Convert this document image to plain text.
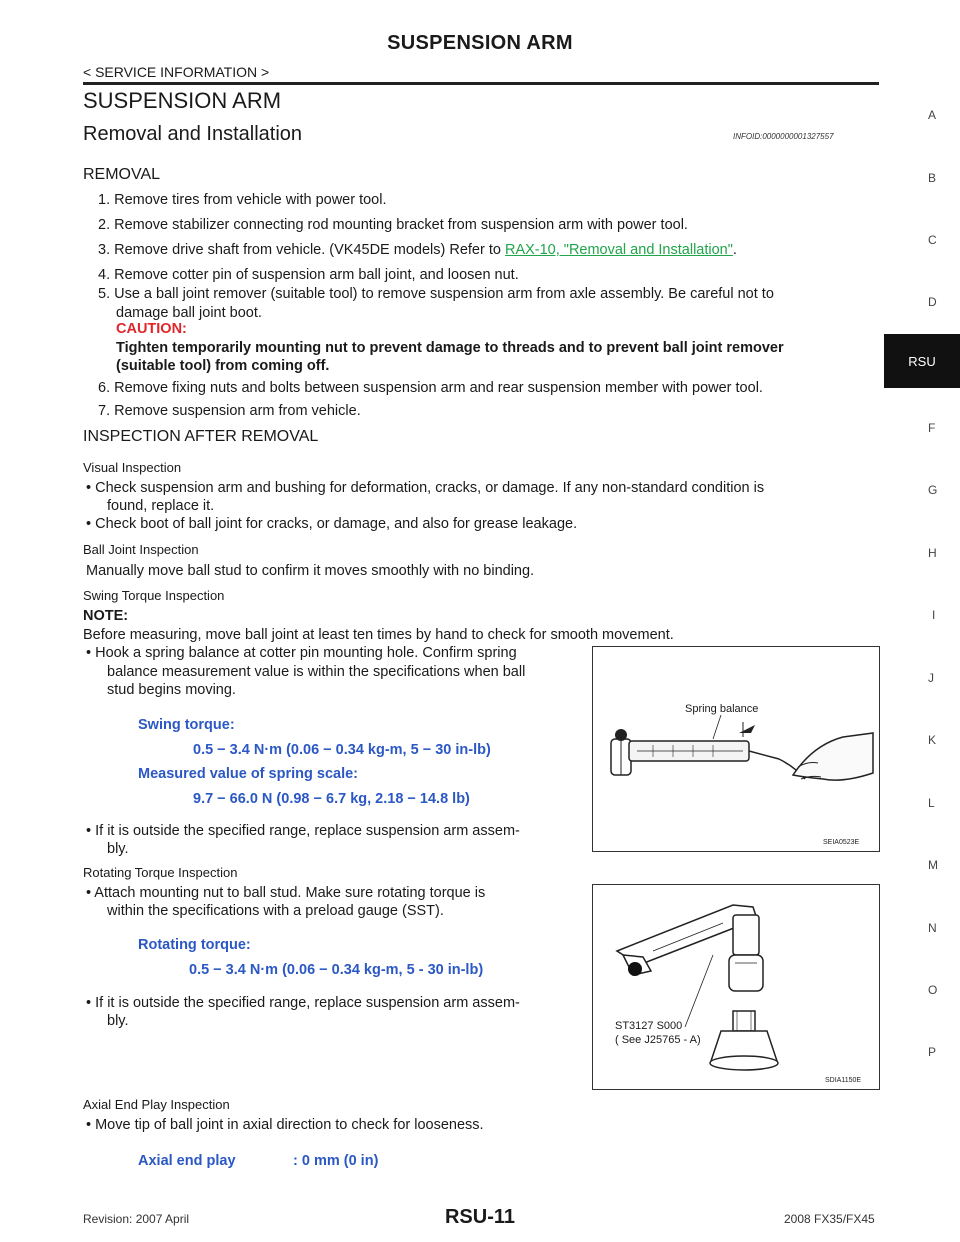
SUSPENSION ARM
< SERVICE INFORMATION >
SUSPENSION ARM
Removal and Installation	INFOID:0000000001327557
REMOVAL
1. Remove tires from vehicle with power tool.
2. Remove stabilizer connecting rod mounting bracket from suspension arm with power tool.
3. Remove drive shaft from vehicle. (VK45DE models) Refer to RAX-10, "Removal and Installation".
4. Remove cotter pin of suspension arm ball joint, and loosen nut.
5. Use a ball joint remover (suitable tool) to remove suspension arm from axle assembly. Be careful not to
damage ball joint boot.
CAUTION:
Tighten temporarily mounting nut to prevent damage to threads and to prevent ball joint remover
(suitable tool) from coming off.
6. Remove fixing nuts and bolts between suspension arm and rear suspension member with power tool.
7. Remove suspension arm from vehicle.
INSPECTION AFTER REMOVAL
Visual Inspection
• Check suspension arm and bushing for deformation, cracks, or damage. If any non-standard condition is
found, replace it.
• Check boot of ball joint for cracks, or damage, and also for grease leakage.
Ball Joint Inspection
Manually move ball stud to confirm it moves smoothly with no binding.
Swing Torque Inspection
NOTE:
Before measuring, move ball joint at least ten times by hand to check for smooth movement.
• Hook a spring balance at cotter pin mounting hole. Confirm spring
balance measurement value is within the specifications when ball
stud begins moving.
Swing torque:
0.5 − 3.4 N·m (0.06 − 0.34 kg-m, 5 − 30 in-lb)
Measured value of spring scale:
9.7 − 66.0 N (0.98 − 6.7 kg, 2.18 − 14.8 lb)
• If it is outside the specified range, replace suspension arm assem-
bly.
Rotating Torque Inspection
• Attach mounting nut to ball stud. Make sure rotating torque is
within the specifications with a preload gauge (SST).
Rotating torque:
0.5 − 3.4 N·m (0.06 − 0.34 kg-m, 5 - 30 in-lb)
• If it is outside the specified range, replace suspension arm assem-
bly.
Axial End Play Inspection
• Move tip of ball joint in axial direction to check for looseness.
Axial end play	: 0 mm (0 in)
Spring balance
SEIA0523E
ST3127 S000
( See J25765 - A)
SDIA1150E
A
B
C
D
F
G
H
I
J
K
L
M
N
O
P
RSU
Revision: 2007 April	RSU-11	2008 FX35/FX45
